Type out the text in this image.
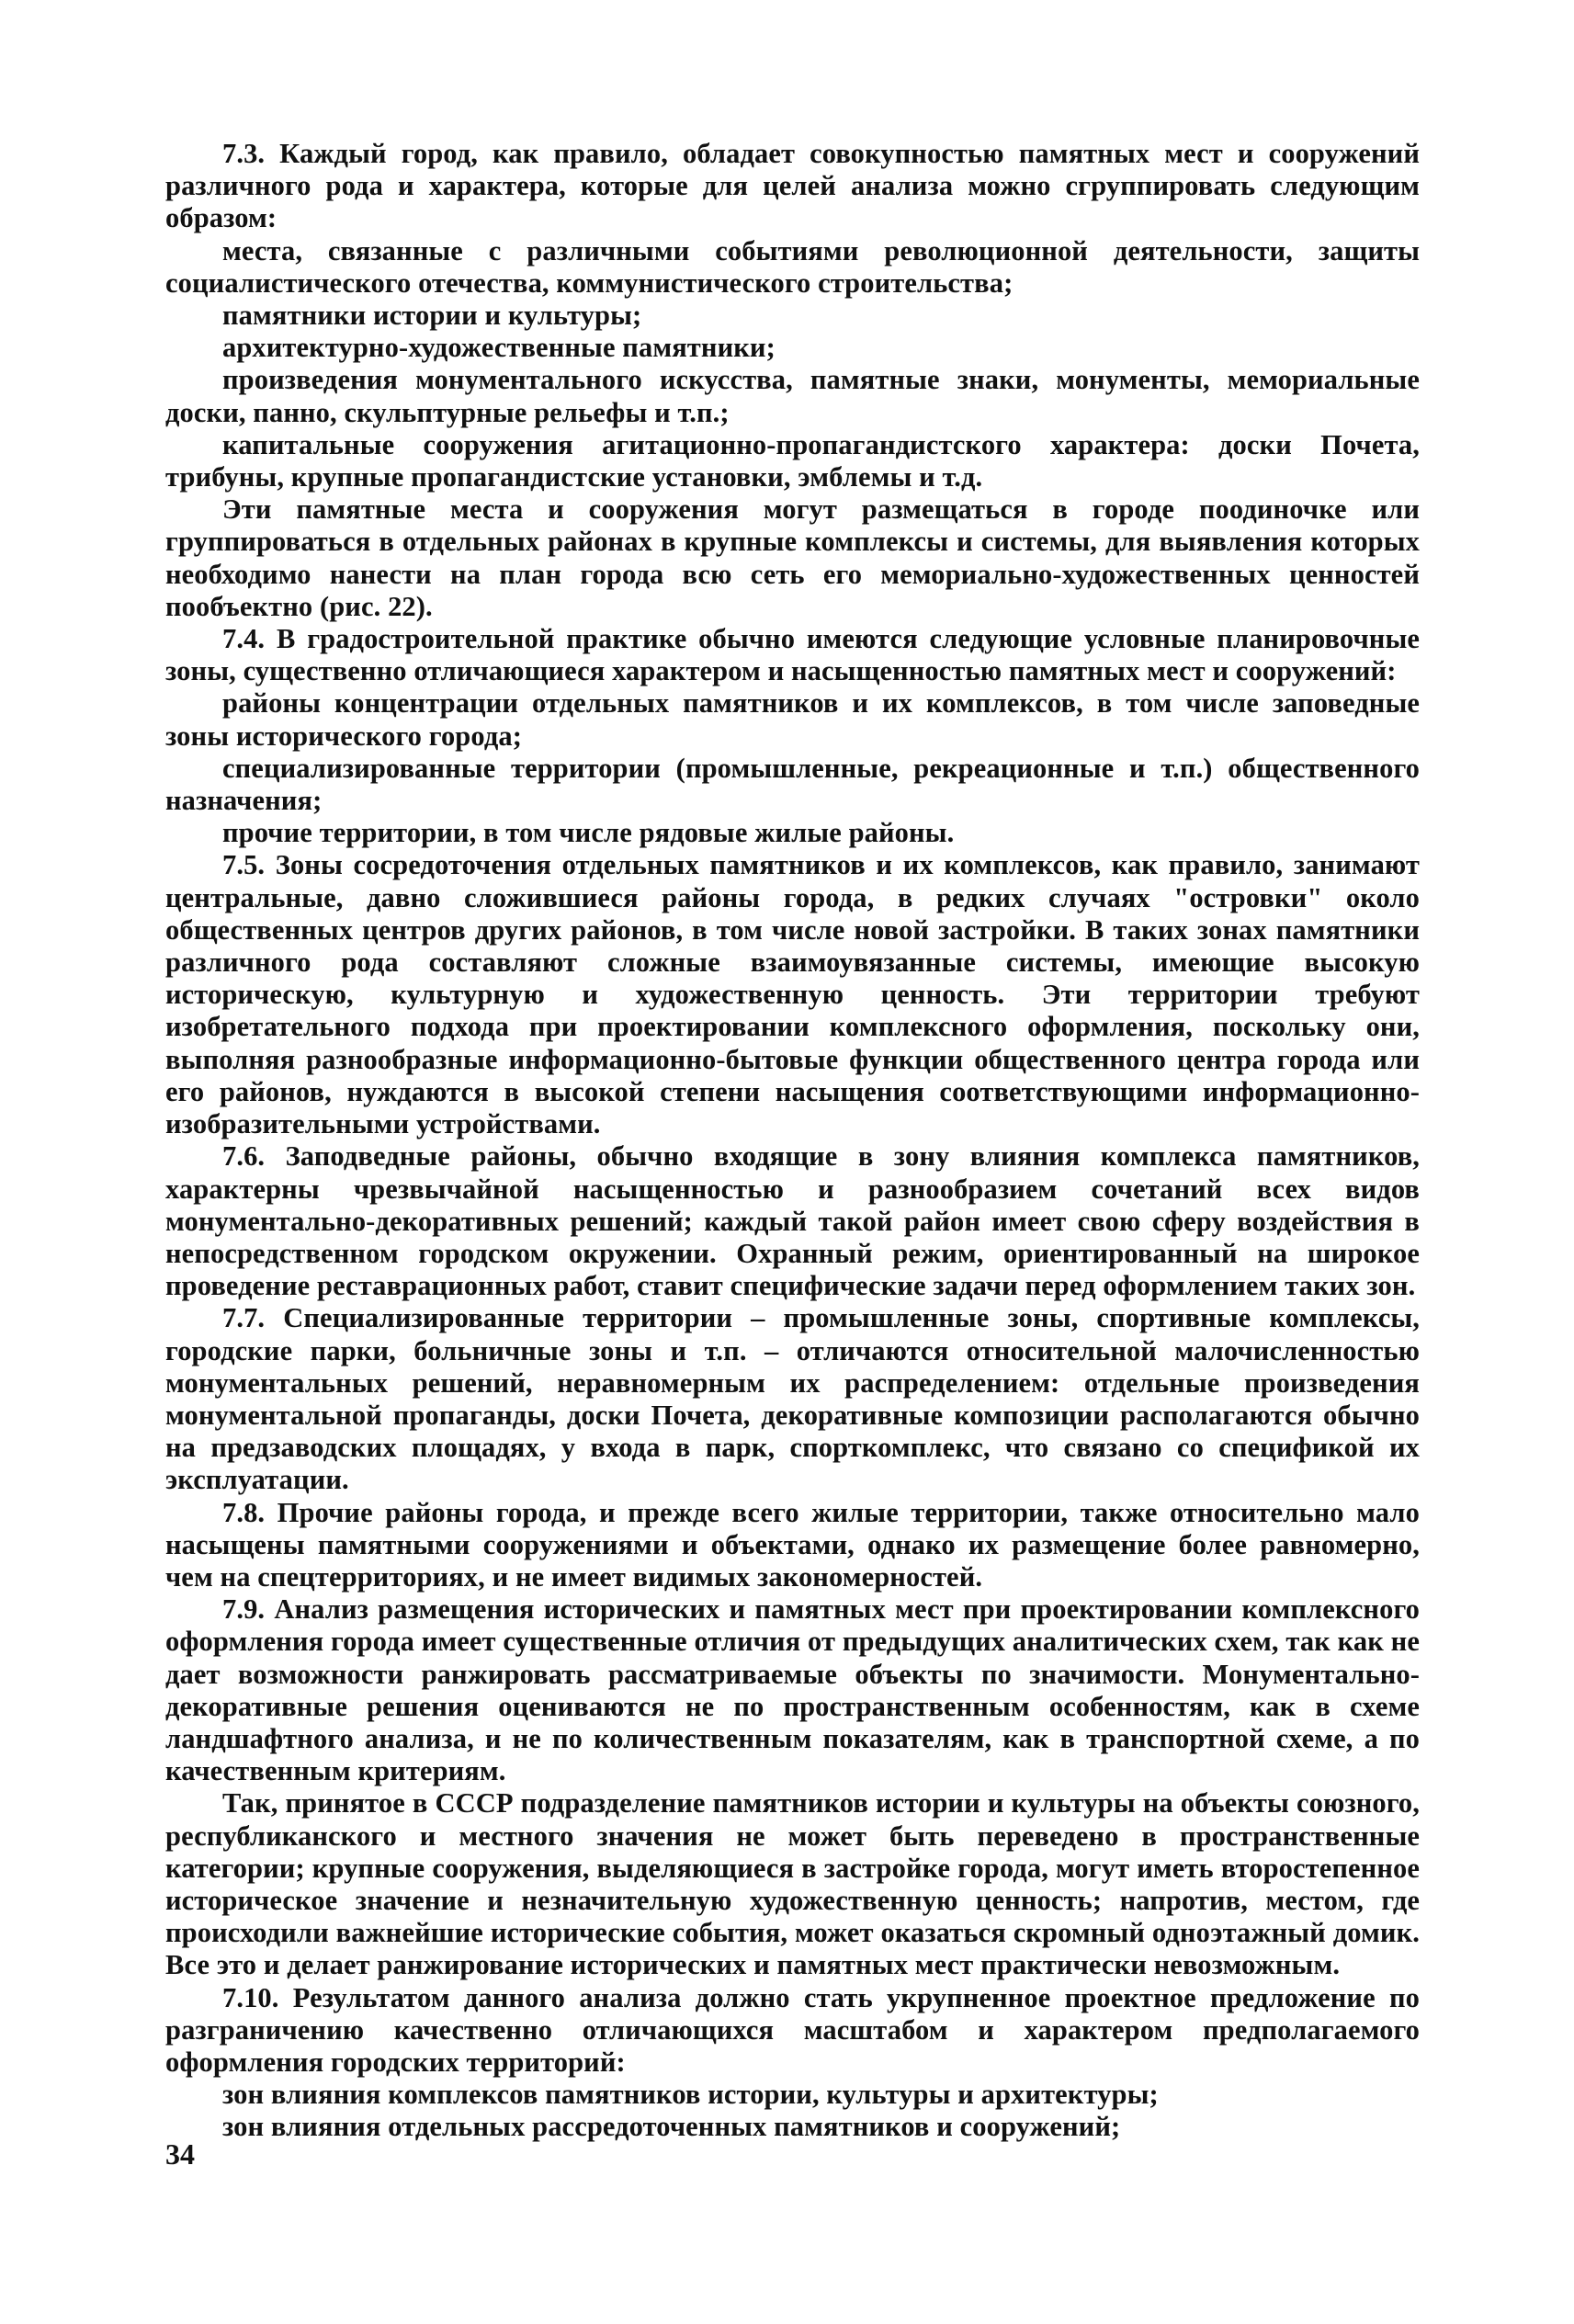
7.3. Каждый город, как правило, обладает совокупностью памятных мест и сооружений различного рода и характера, которые для целей анализа можно сгруппировать следующим образом:

места, связанные с различными событиями революционной деятельности, защиты социалистического отечества, коммунистического строительства;

памятники истории и культуры;

архитектурно-художественные памятники;

произведения монументального искусства, памятные знаки, монументы, мемориальные доски, панно, скульптурные рельефы и т.п.;

капитальные сооружения агитационно-пропагандистского характера: доски Почета, трибуны, крупные пропагандистские установки, эмблемы и т.д.

Эти памятные места и сооружения могут размещаться в городе поодиночке или группироваться в отдельных районах в крупные комплексы и системы, для выявления которых необходимо нанести на план города всю сеть его мемориально-художественных ценностей пообъектно (рис. 22).

7.4. В градостроительной практике обычно имеются следующие условные планировочные зоны, существенно отличающиеся характером и насыщенностью памятных мест и сооружений:

районы концентрации отдельных памятников и их комплексов, в том числе заповедные зоны исторического города;

специализированные территории (промышленные, рекреационные и т.п.) общественного назначения;

прочие территории, в том числе рядовые жилые районы.

7.5. Зоны сосредоточения отдельных памятников и их комплексов, как правило, занимают центральные, давно сложившиеся районы города, в редких случаях "островки" около общественных центров других районов, в том числе новой застройки. В таких зонах памятники различного рода составляют сложные взаимоувязанные системы, имеющие высокую историческую, культурную и художественную ценность. Эти территории требуют изобретательного подхода при проектировании комплексного оформления, поскольку они, выполняя разнообразные информационно-бытовые функции общественного центра города или его районов, нуждаются в высокой степени насыщения соответствующими информационно-изобразительными устройствами.

7.6. Заподведные районы, обычно входящие в зону влияния комплекса памятников, характерны чрезвычайной насыщенностью и разнообразием сочетаний всех видов монументально-декоративных решений; каждый такой район имеет свою сферу воздействия в непосредственном городском окружении. Охранный режим, ориентированный на широкое проведение реставрационных работ, ставит специфические задачи перед оформлением таких зон.

7.7. Специализированные территории – промышленные зоны, спортивные комплексы, городские парки, больничные зоны и т.п. – отличаются относительной малочисленностью монументальных решений, неравномерным их распределением: отдельные произведения монументальной пропаганды, доски Почета, декоративные композиции располагаются обычно на предзаводских площадях, у входа в парк, спорткомплекс, что связано со спецификой их эксплуатации.

7.8. Прочие районы города, и прежде всего жилые территории, также относительно мало насыщены памятными сооружениями и объектами, однако их размещение более равномерно, чем на спецтерриториях, и не имеет видимых закономерностей.

7.9. Анализ размещения исторических и памятных мест при проектировании комплексного оформления города имеет существенные отличия от предыдущих аналитических схем, так как не дает возможности ранжировать рассматриваемые объекты по значимости. Монументально-декоративные решения оцениваются не по пространственным особенностям, как в схеме ландшафтного анализа, и не по количественным показателям, как в транспортной схеме, а по качественным критериям.

Так, принятое в СССР подразделение памятников истории и культуры на объекты союзного, республиканского и местного значения не может быть переведено в пространственные категории; крупные сооружения, выделяющиеся в застройке города, могут иметь второстепенное историческое значение и незначительную художественную ценность; напротив, местом, где происходили важнейшие исторические события, может оказаться скромный одноэтажный домик. Все это и делает ранжирование исторических и памятных мест практически невозможным.

7.10. Результатом данного анализа должно стать укрупненное проектное предложение по разграничению качественно отличающихся масштабом и характером предполагаемого оформления городских территорий:

зон влияния комплексов памятников истории, культуры и архитектуры;

зон влияния отдельных рассредоточенных памятников и сооружений;

34
